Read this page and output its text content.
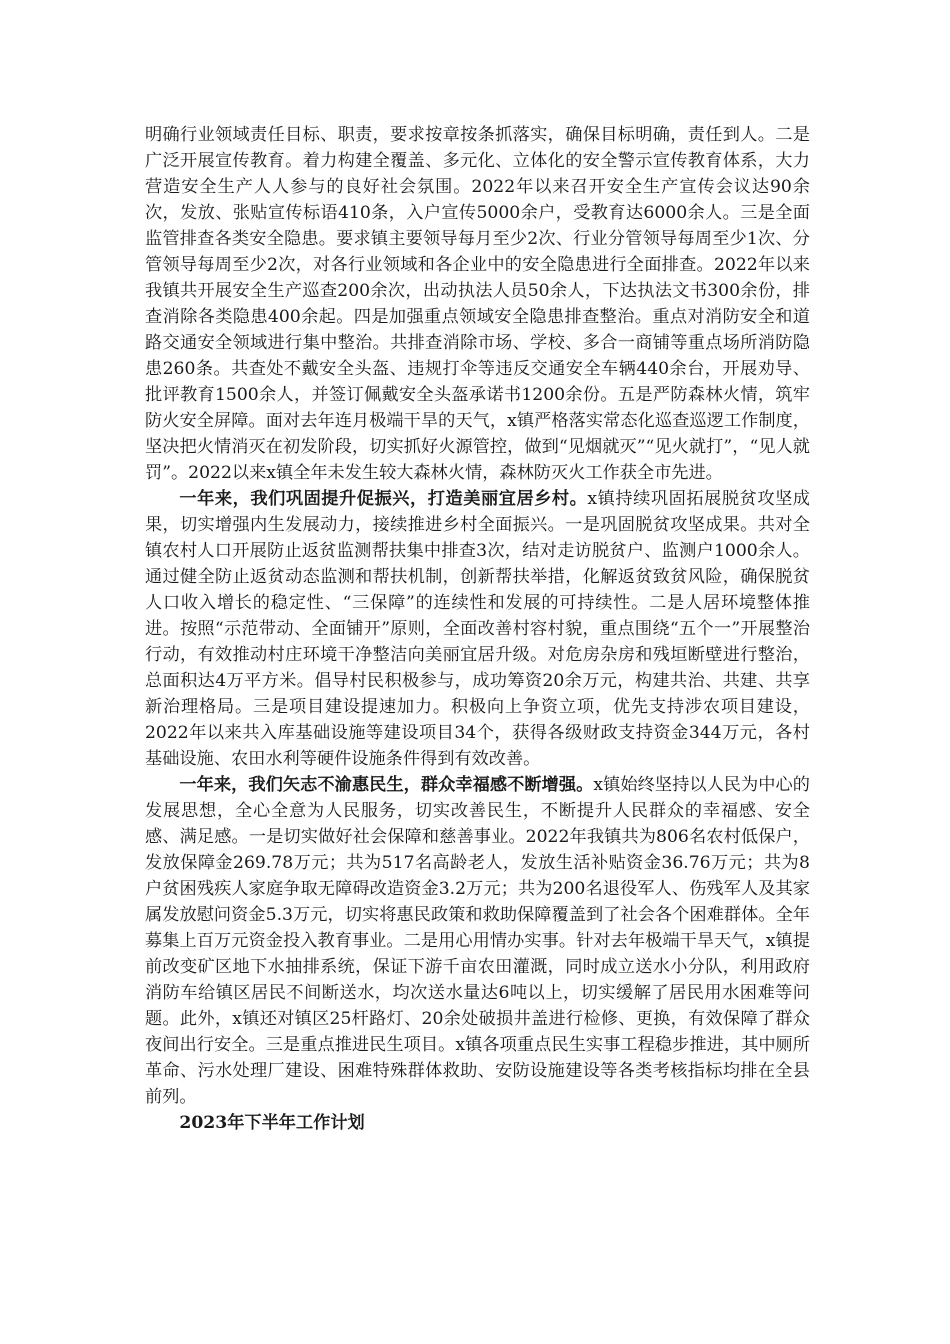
明确行业领域责任目标、职责，要求按章按条抓落实，确保目标明确，责任到人。二是广泛开展宣传教育。着力构建全覆盖、多元化、立体化的安全警示宣传教育体系，大力营造安全生产人人参与的良好社会氛围。2022年以来召开安全生产宣传会议达90余次，发放、张贴宣传标语410条，入户宣传5000余户，受教育达6000余人。三是全面监管排查各类安全隐患。要求镇主要领导每月至少2次、行业分管领导每周至少1次、分管领导每周至少2次，对各行业领域和各企业中的安全隐患进行全面排查。2022年以来我镇共开展安全生产巡查200余次，出动执法人员50余人，下达执法文书300余份，排查消除各类隐患400余起。四是加强重点领域安全隐患排查整治。重点对消防安全和道路交通安全领域进行集中整治。共排查消除市场、学校、多合一商铺等重点场所消防隐患260条。共查处不戴安全头盔、违规打伞等违反交通安全车辆440余台，开展劝导、批评教育1500余人，并签订佩戴安全头盔承诺书1200余份。五是严防森林火情，筑牢防火安全屏障。面对去年连月极端干旱的天气，x镇严格落实常态化巡查巡逻工作制度，坚决把火情消灭在初发阶段，切实抓好火源管控，做到“见烟就灭”“见火就打”，“见人就罚”。2022以来x镇全年未发生较大森林火情，森林防灭火工作获全市先进。

一年来，我们巩固提升促振兴，打造美丽宜居乡村。x镇持续巩固拓展脱贫攻坚成果，切实增强内生发展动力，接续推进乡村全面振兴。一是巩固脱贫攻坚成果。共对全镇农村人口开展防止返贫监测帮扶集中排查3次，结对走访脱贫户、监测户1000余人。通过健全防止返贫动态监测和帮扶机制，创新帮扶举措，化解返贫致贫风险，确保脱贫人口收入增长的稳定性、“三保障”的连续性和发展的可持续性。二是人居环境整体推进。按照“示范带动、全面铺开”原则，全面改善村容村貌，重点围绕“五个一”开展整治行动，有效推动村庄环境干净整洁向美丽宜居升级。对危房杂房和残垣断壁进行整治，总面积达4万平方米。倡导村民积极参与，成功筹资20余万元，构建共治、共建、共享新治理格局。三是项目建设提速加力。积极向上争资立项，优先支持涉农项目建设，2022年以来共入库基础设施等建设项目34个，获得各级财政支持资金344万元，各村基础设施、农田水利等硬件设施条件得到有效改善。

一年来，我们矢志不渝惠民生，群众幸福感不断增强。x镇始终坚持以人民为中心的发展思想，全心全意为人民服务，切实改善民生，不断提升人民群众的幸福感、安全感、满足感。一是切实做好社会保障和慈善事业。2022年我镇共为806名农村低保户，发放保障金269.78万元；共为517名高龄老人，发放生活补贴资金36.76万元；共为8户贫困残疾人家庭争取无障碍改造资金3.2万元；共为200名退役军人、伤残军人及其家属发放慰问资金5.3万元，切实将惠民政策和救助保障覆盖到了社会各个困难群体。全年募集上百万元资金投入教育事业。二是用心用情办实事。针对去年极端干旱天气，x镇提前改变矿区地下水抽排系统，保证下游千亩农田灌溉，同时成立送水小分队，利用政府消防车给镇区居民不间断送水，均次送水量达6吨以上，切实缓解了居民用水困难等问题。此外，x镇还对镇区25杆路灯、20余处破损井盖进行检修、更换，有效保障了群众夜间出行安全。三是重点推进民生项目。x镇各项重点民生实事工程稳步推进，其中厕所革命、污水处理厂建设、困难特殊群体救助、安防设施建设等各类考核指标均排在全县前列。

2023年下半年工作计划
